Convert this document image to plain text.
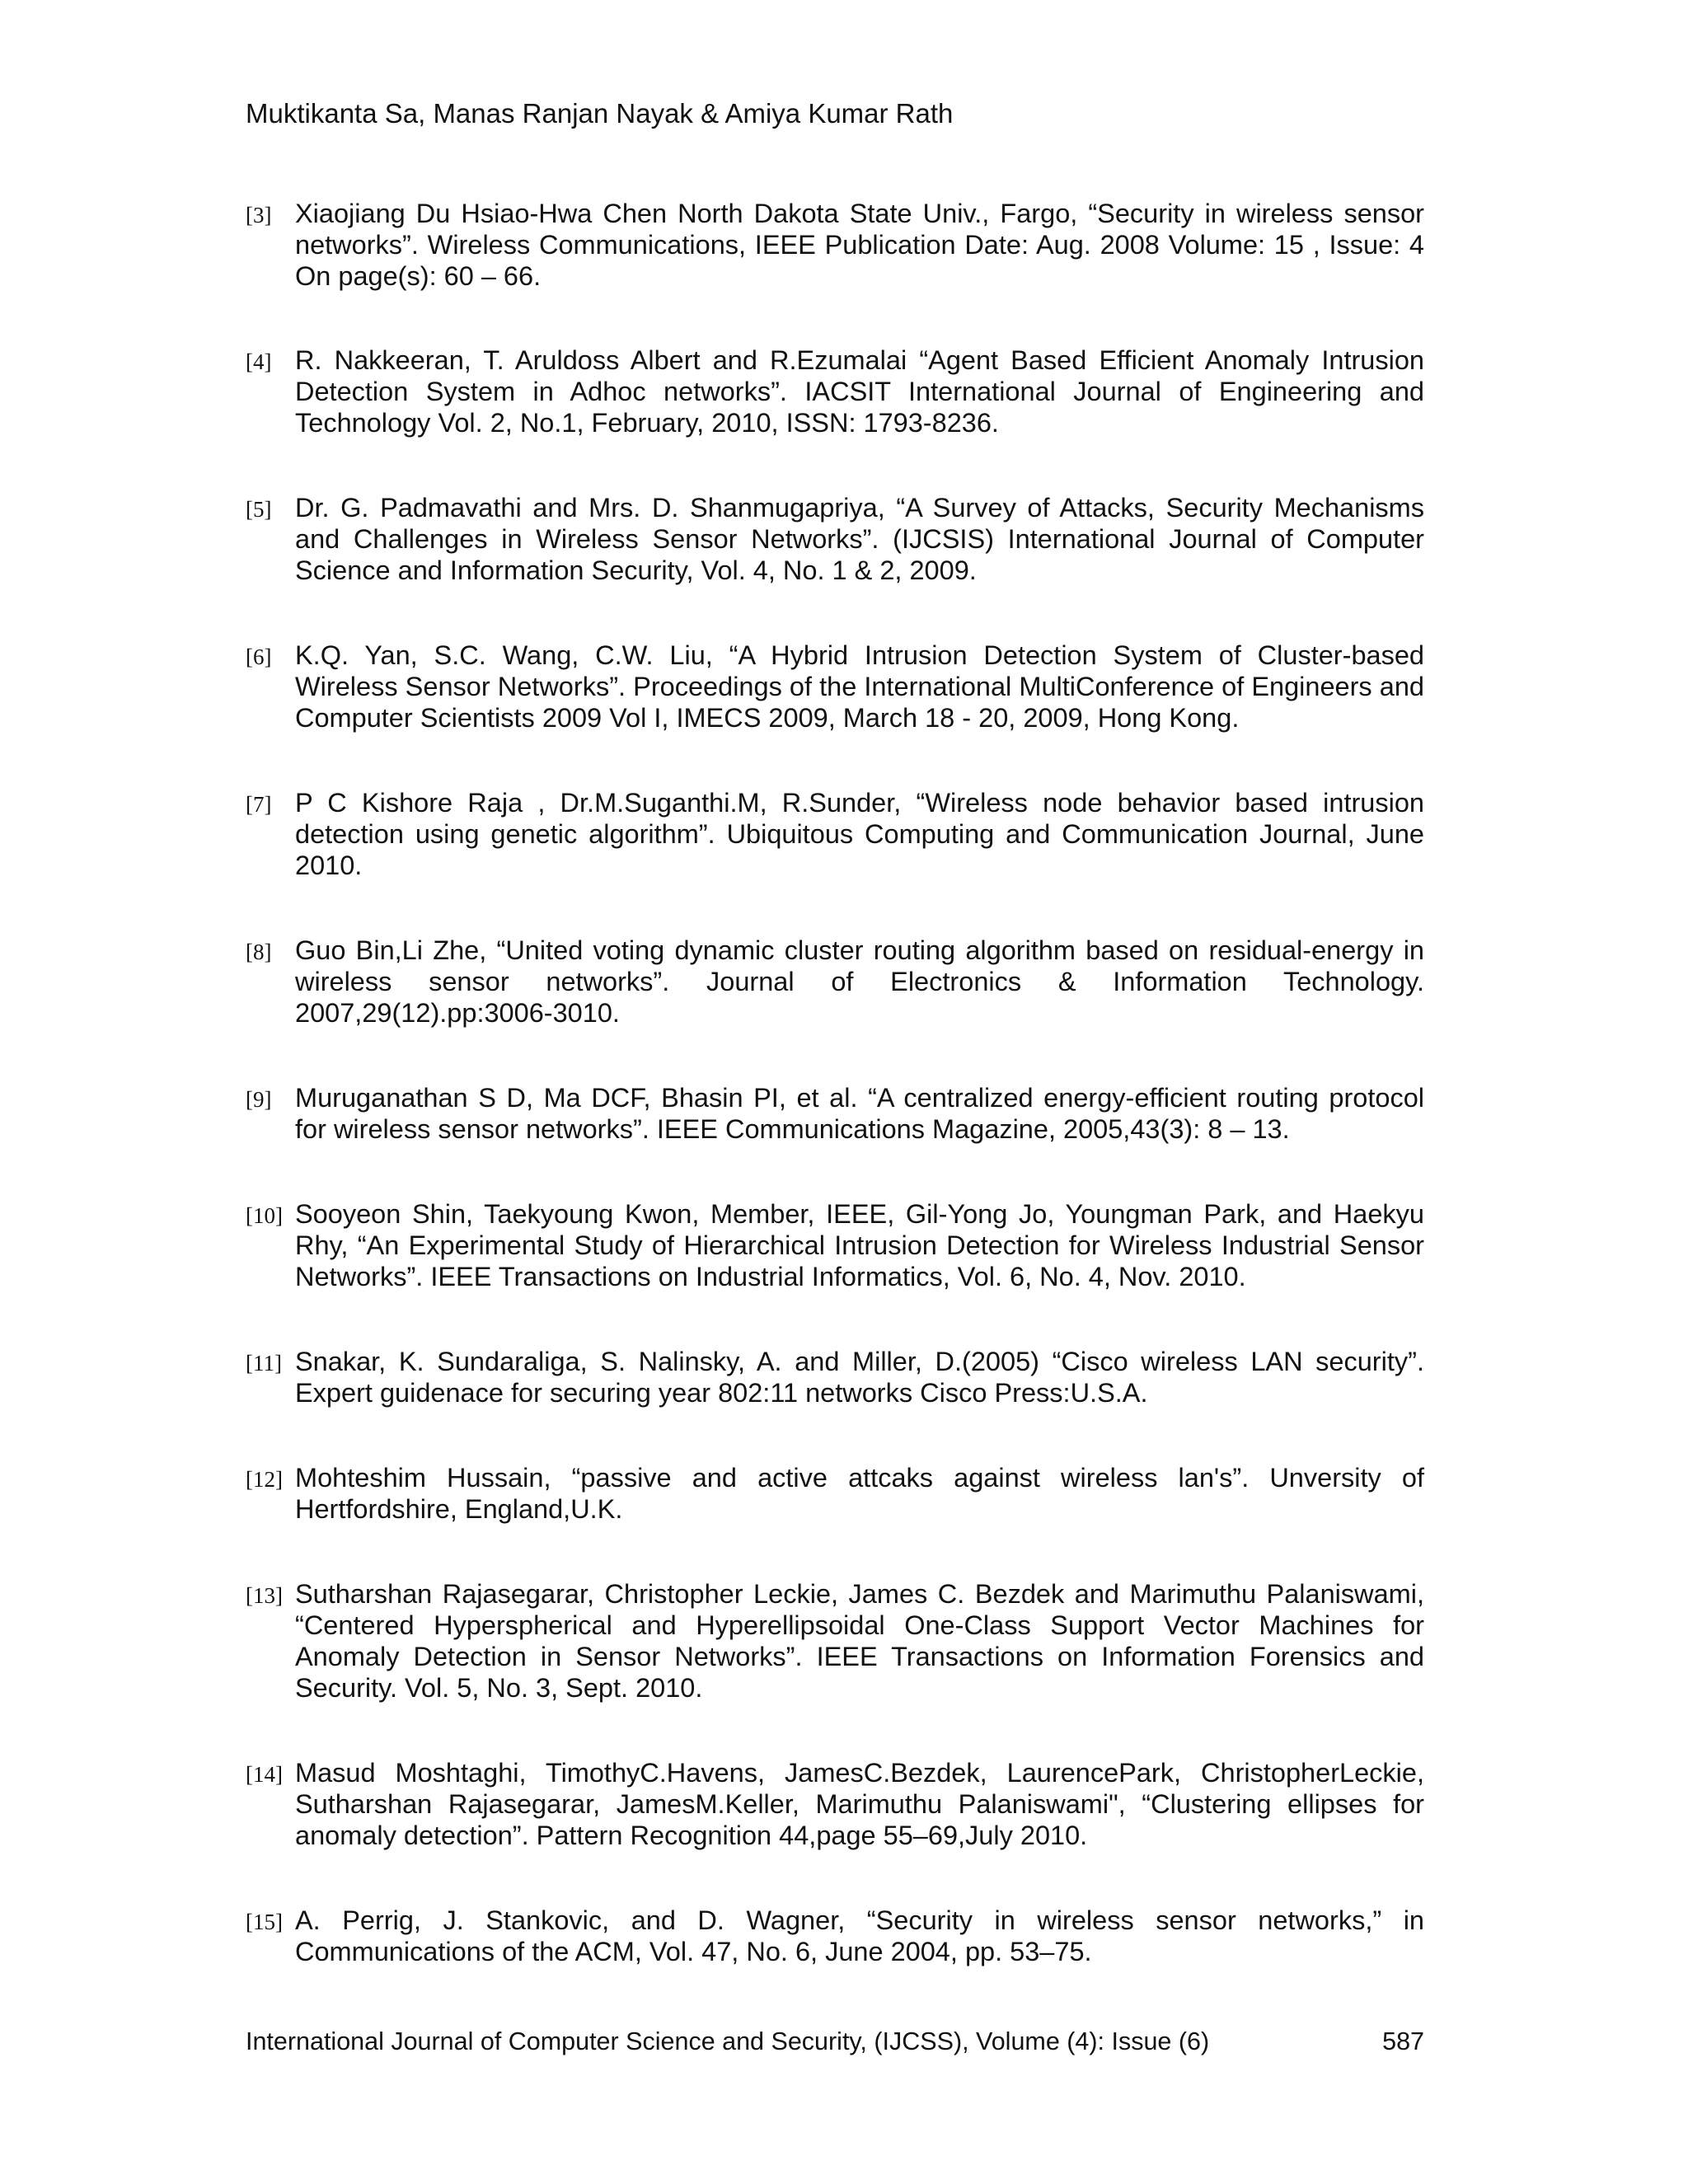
Muktikanta Sa, Manas Ranjan Nayak & Amiya Kumar Rath
[3] Xiaojiang Du Hsiao-Hwa Chen North Dakota State Univ., Fargo, “Security in wireless sensor networks”. Wireless Communications, IEEE Publication Date: Aug. 2008 Volume: 15 , Issue: 4 On page(s): 60 – 66.
[4] R. Nakkeeran, T. Aruldoss Albert and R.Ezumalai “Agent Based Efficient Anomaly Intrusion Detection System in Adhoc networks”. IACSIT International Journal of Engineering and Technology Vol. 2, No.1, February, 2010, ISSN: 1793-8236.
[5] Dr. G. Padmavathi and Mrs. D. Shanmugapriya, “A Survey of Attacks, Security Mechanisms and Challenges in Wireless Sensor Networks”. (IJCSIS) International Journal of Computer Science and Information Security, Vol. 4, No. 1 & 2, 2009.
[6] K.Q. Yan, S.C. Wang, C.W. Liu, “A Hybrid Intrusion Detection System of Cluster-based Wireless Sensor Networks”. Proceedings of the International MultiConference of Engineers and Computer Scientists 2009 Vol I, IMECS 2009, March 18 - 20, 2009, Hong Kong.
[7] P C Kishore Raja , Dr.M.Suganthi.M, R.Sunder, “Wireless node behavior based intrusion detection using genetic algorithm”. Ubiquitous Computing and Communication Journal, June 2010.
[8] Guo Bin,Li Zhe, “United voting dynamic cluster routing algorithm based on residual-energy in wireless sensor networks”. Journal of Electronics & Information Technology. 2007,29(12).pp:3006-3010.
[9] Muruganathan S D, Ma DCF, Bhasin PI, et al. “A centralized energy-efficient routing protocol for wireless sensor networks”. IEEE Communications Magazine, 2005,43(3): 8 – 13.
[10] Sooyeon Shin, Taekyoung Kwon, Member, IEEE, Gil-Yong Jo, Youngman Park, and Haekyu Rhy, “An Experimental Study of Hierarchical Intrusion Detection for Wireless Industrial Sensor Networks”. IEEE Transactions on Industrial Informatics, Vol. 6, No. 4, Nov. 2010.
[11] Snakar, K. Sundaraliga, S. Nalinsky, A. and Miller, D.(2005) “Cisco wireless LAN security”. Expert guidenace for securing year 802:11 networks Cisco Press:U.S.A.
[12] Mohteshim Hussain, “passive and active attcaks against wireless lan's”. Unversity of Hertfordshire, England,U.K.
[13] Sutharshan Rajasegarar, Christopher Leckie, James C. Bezdek and Marimuthu Palaniswami, “Centered Hyperspherical and Hyperellipsoidal One-Class Support Vector Machines for Anomaly Detection in Sensor Networks”. IEEE Transactions on Information Forensics and Security. Vol. 5, No. 3, Sept. 2010.
[14] Masud Moshtaghi, TimothyC.Havens, JamesC.Bezdek, LaurencePark, ChristopherLeckie, Sutharshan Rajasegarar, JamesM.Keller, Marimuthu Palaniswami", “Clustering ellipses for anomaly detection”. Pattern Recognition 44,page 55–69,July 2010.
[15] A. Perrig, J. Stankovic, and D. Wagner, “Security in wireless sensor networks,” in Communications of the ACM, Vol. 47, No. 6, June 2004, pp. 53–75.
International Journal of Computer Science and Security, (IJCSS), Volume (4): Issue (6)	587
